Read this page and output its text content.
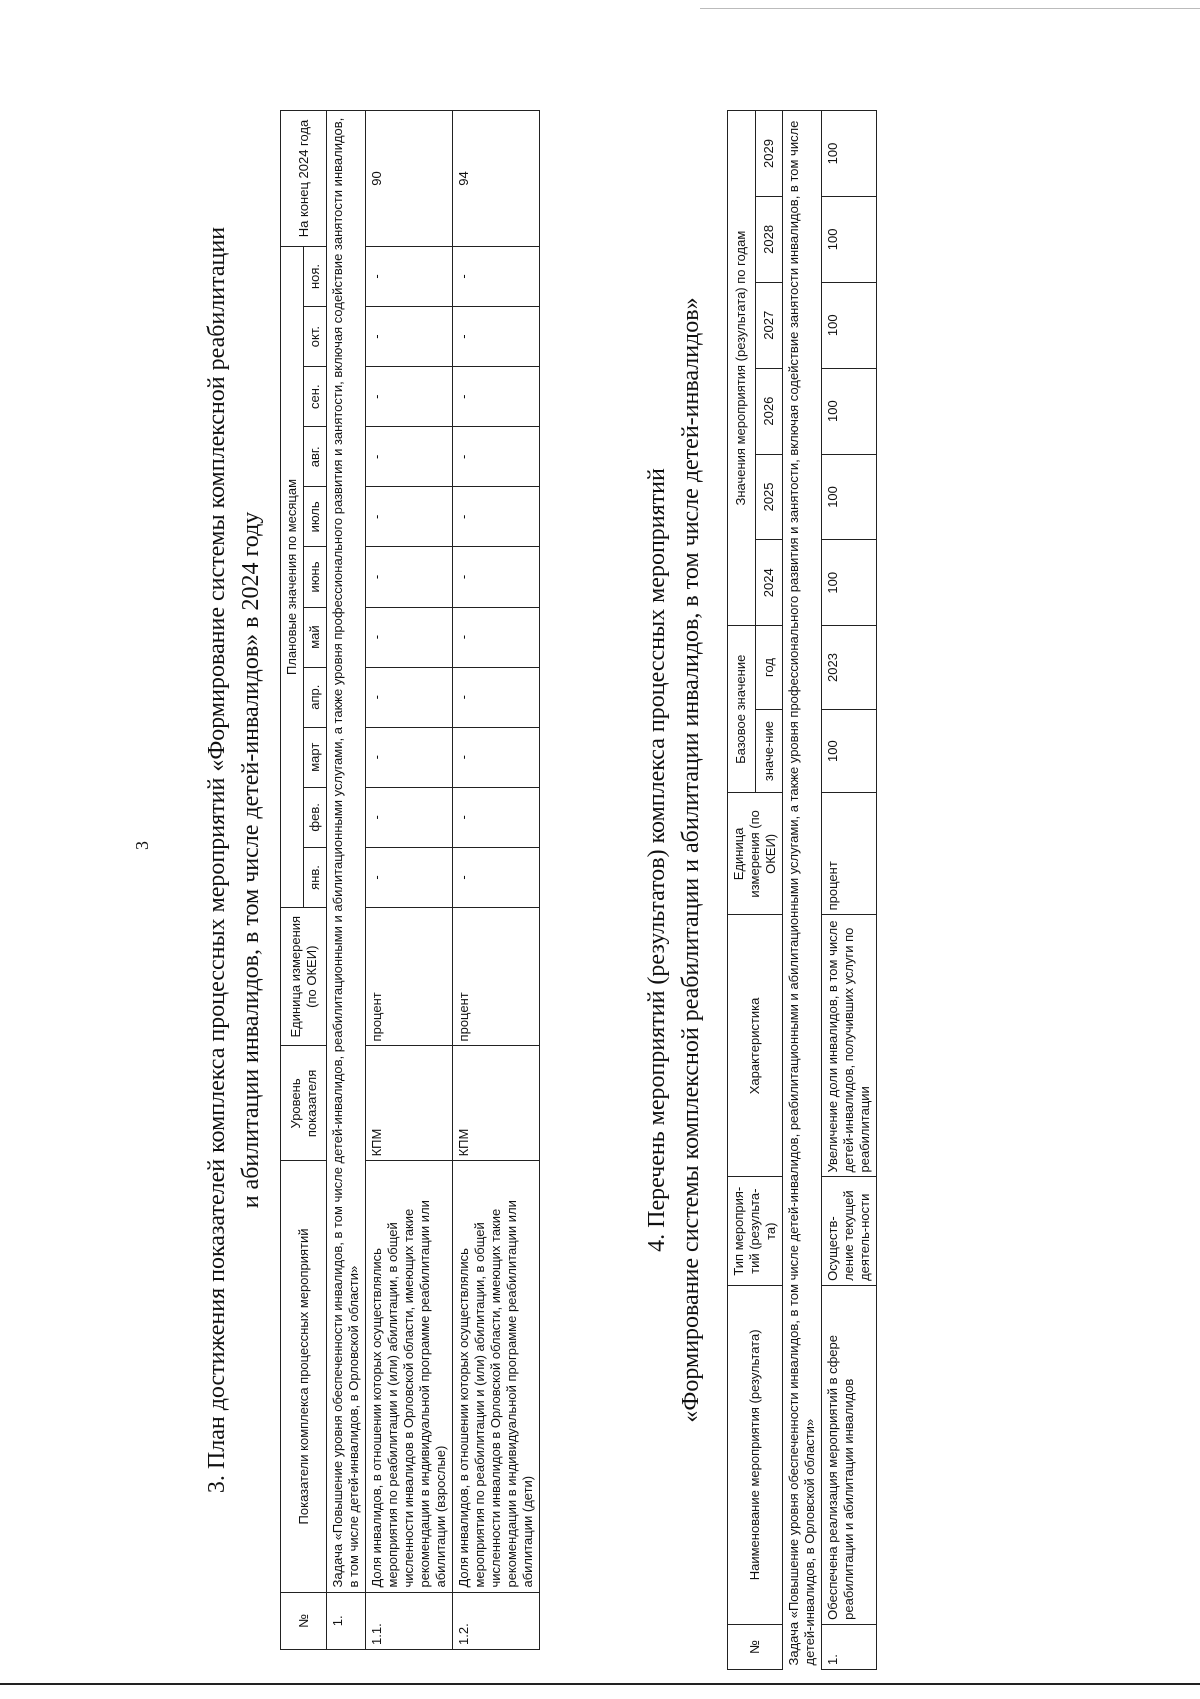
3 3. План достижения показателей комплекса процессных мероприятий «Формирование системы комплексной реабилитации и абилитации инвалидов, в том числе детей-инвалидов» в 2024 году
№	Показатели комплекса процессных мероприятий	Уровень показателя	Единица измерения (по ОКЕИ)	Плановые значения по месяцам											На конец 2024 года
				янв.	фев.	март	апр.	май	июнь	июль	авг.	сен.	окт.	ноя.	
1.	Задача «Повышение уровня обеспеченности инвалидов, в том числе детей-инвалидов, реабилитационными и абилитационными услугами, а также уровня профессионального развития и занятости, включая содействие занятости инвалидов, в том числе детей-инвалидов, в Орловской области»														
1.1.	Доля инвалидов, в отношении которых осуществлялись мероприятия по реабилитации и (или) абилитации, в общей численности инвалидов в Орловской области, имеющих такие рекомендации в индивидуальной программе реабилитации или абилитации (взрослые)	КПМ	процент	-	-	-	-	-	-	-	-	-	-	-	90
1.2.	Доля инвалидов, в отношении которых осуществлялись мероприятия по реабилитации и (или) абилитации, в общей численности инвалидов в Орловской области, имеющих такие рекомендации в индивидуальной программе реабилитации или абилитации (дети)	КПМ	процент	-	-	-	-	-	-	-	-	-	-	-	94
4. Перечень мероприятий (результатов) комплекса процессных мероприятий «Формирование системы комплексной реабилитации и абилитации инвалидов, в том числе детей-инвалидов»
№	Наименование мероприятия (результата)	Тип мероприя-тий (результа-та)	Характеристика	Единица измерения (по ОКЕИ)	Базовое значение		Значения мероприятия (результата) по годам					
					значе-ние	год	2024	2025	2026	2027	2028	2029
Задача «Повышение уровня обеспеченности инвалидов, в том числе детей-инвалидов, реабилитационными и абилитационными услугами, а также уровня профессионального развития и занятости, включая содействие занятости инвалидов, в том числе детей-инвалидов, в Орловской области»												
1.	Обеспечена реализация мероприятий в сфере реабилитации и абилитации инвалидов	Осуществ-ление текущей деятель-ности	Увеличение доли инвалидов, в том числе детей-инвалидов, получивших услуги по реабилитации	процент	100	2023	100	100	100	100	100	100
